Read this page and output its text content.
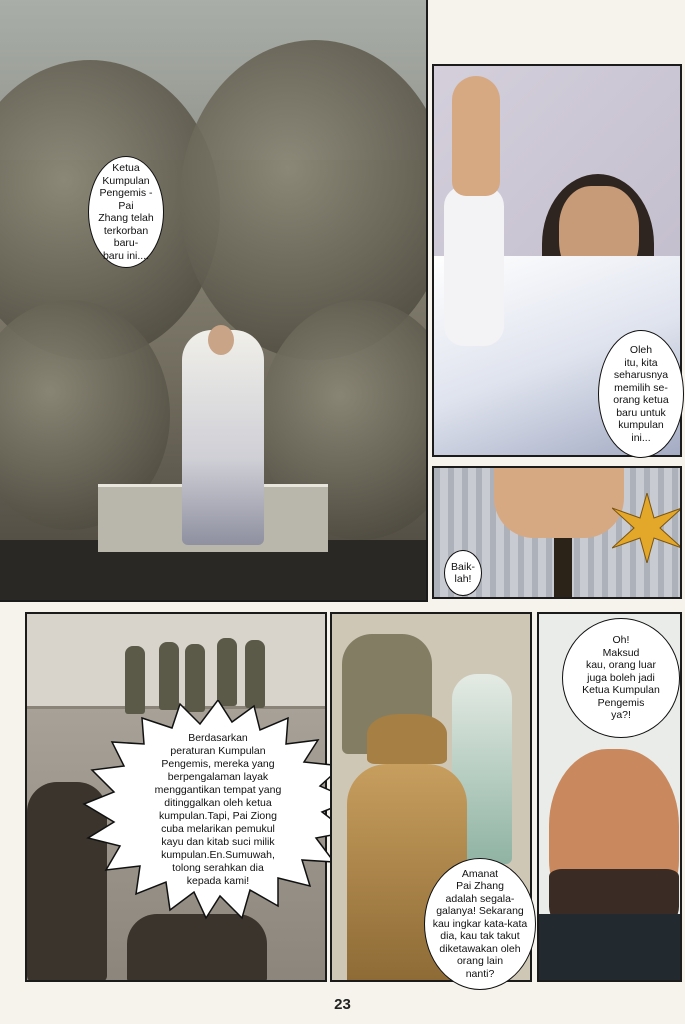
Ketua
Kumpulan
Pengemis - Pai
Zhang telah
terkorban baru-
baru ini....
Oleh
itu, kita
seharusnya
memilih se-
orang ketua
baru untuk
kumpulan
ini...
Baik-
lah!
Berdasarkan
peraturan Kumpulan
Pengemis, mereka yang
berpengalaman layak
menggantikan tempat yang
ditinggalkan oleh ketua
kumpulan.Tapi, Pai Ziong
cuba melarikan pemukul
kayu dan kitab suci milik
kumpulan.En.Sumuwah,
tolong serahkan dia
kepada kami!
Amanat
Pai Zhang
adalah segala-
galanya! Sekarang
kau ingkar kata-kata
dia, kau tak takut
diketawakan oleh
orang lain
nanti?
Oh!
Maksud
kau, orang luar
juga boleh jadi
Ketua Kumpulan
Pengemis
ya?!
23
